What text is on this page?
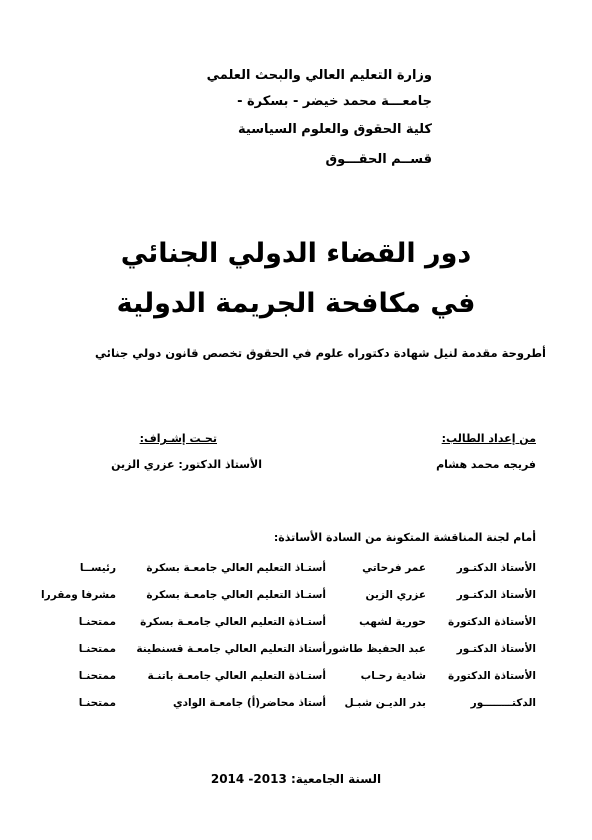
وزارة التعليم العالي والبحث العلمي
جامعـــة محمد خيضر - بسكرة -
كلية الحقوق والعلوم السياسية
قســم الحقـــوق
دور القضاء الدولي الجنائي
في مكافحة الجريمة الدولية
أطروحة مقدمة لنيل شهادة دكتوراه علوم في الحقوق تخصص قانون دولي جنائي
من إعداد الطالب:
تحـت إشـراف:
فريجه محمد هشام
الأستاذ الدكتور: عزري الزين
أمام لجنة المناقشة المتكونة من السادة الأساتذة:
الأستاذ الدكتـور
عمر فرحاتي
أستـاذ التعليم العالي جامعـة بسكرة
رئيســا
الأستاذ الدكتـور
عزري الزين
أستـاذ التعليم العالي جامعـة بسكرة
مشرفا ومقررا
الأستاذة الدكتورة
حورية لشهب
أستـاذة التعليم العالي جامعـة بسكرة
ممتحنـا
الأستاذ الدكتـور
عبد الحفيظ طاشور
أستاذ التعليم العالي جامعـة قسنطينة
ممتحنـا
الأستاذة الدكتورة
شادية رحـاب
أستـاذة التعليم العالي جامعـة باتنـة
ممتحنـا
الدكتــــــــور
بدر الديـن شبـل
أستاذ محاضر(أ) جامعـة الوادي
ممتحنـا
السنة الجامعية: 2013- 2014
